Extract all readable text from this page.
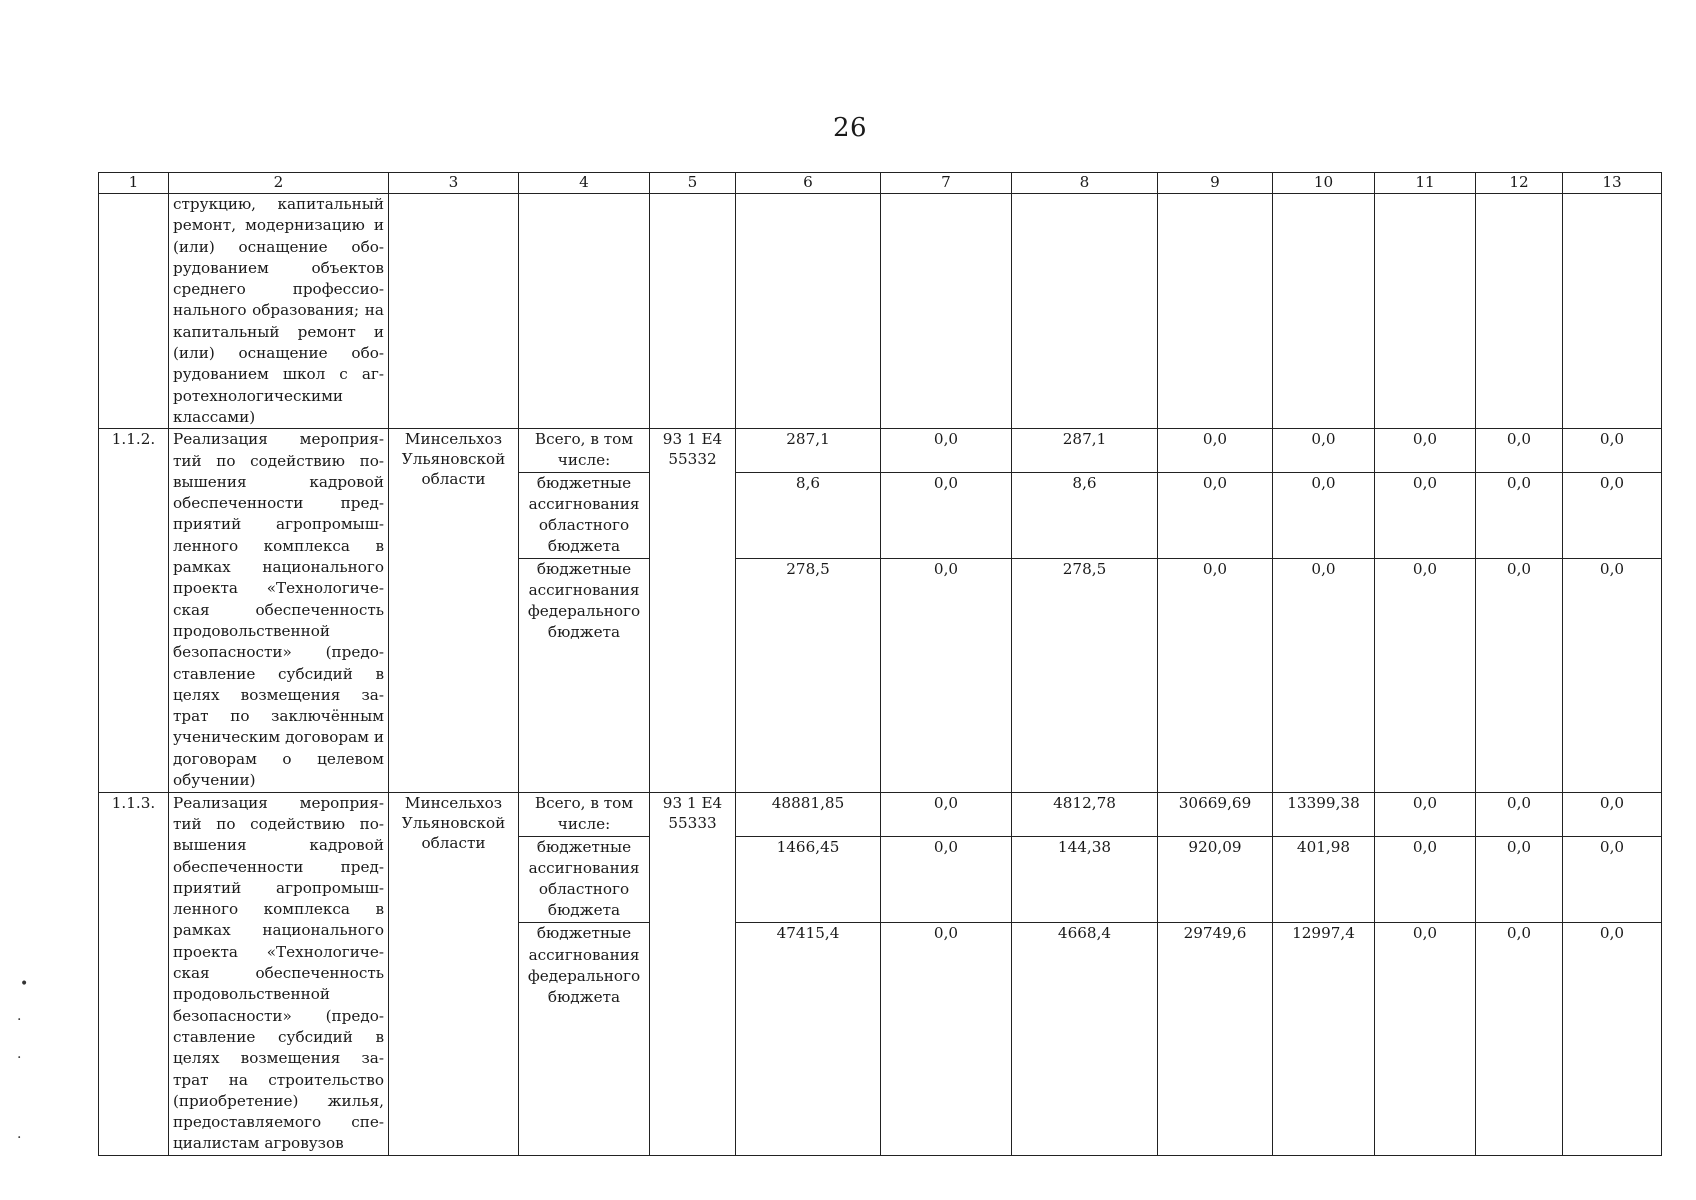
26
1	2	3	4	5	6	7	8	9	10	11	12	13
	струкцию, капитальный ремонт, модернизацию и (или) оснащение обо-рудованием объектов среднего профессио-нального образования; на капитальный ремонт и (или) оснащение обо-рудованием школ с аг-ротехнологическими классами)											
1.1.2.	Реализация мероприя-тий по содействию по-вышения кадровой обеспеченности пред-приятий агропромыш-ленного комплекса в рамках национального проекта «Технологиче-ская обеспеченность продовольственной безопасности» (предо-ставление субсидий в целях возмещения за-трат по заключённым ученическим договорам и договорам о целевом обучении)	Минсельхоз Ульяновской области	Всего, в том числе:	93 1 E4 55332	287,1	0,0	287,1	0,0	0,0	0,0	0,0	0,0
			бюджетные ассигнования областного бюджета		8,6	0,0	8,6	0,0	0,0	0,0	0,0	0,0
			бюджетные ассигнования федерального бюджета		278,5	0,0	278,5	0,0	0,0	0,0	0,0	0,0
1.1.3.	Реализация мероприя-тий по содействию по-вышения кадровой обеспеченности пред-приятий агропромыш-ленного комплекса в рамках национального проекта «Технологиче-ская обеспеченность продовольственной безопасности» (предо-ставление субсидий в целях возмещения за-трат на строительство (приобретение) жилья, предоставляемого спе-циалистам агровузов	Минсельхоз Ульяновской области	Всего, в том числе:	93 1 E4 55333	48881,85	0,0	4812,78	30669,69	13399,38	0,0	0,0	0,0
			бюджетные ассигнования областного бюджета		1466,45	0,0	144,38	920,09	401,98	0,0	0,0	0,0
			бюджетные ассигнования федерального бюджета		47415,4	0,0	4668,4	29749,6	12997,4	0,0	0,0	0,0
•
·
·
·
